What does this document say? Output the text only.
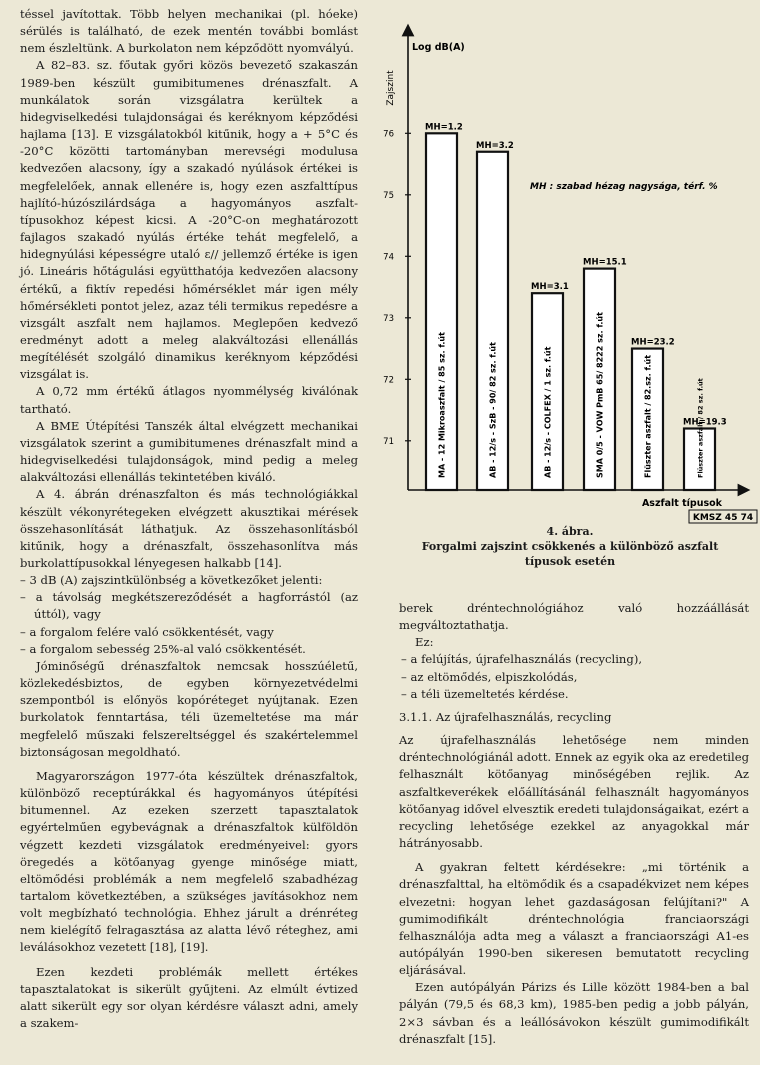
téssel javítottak. Több helyen mechanikai (pl. hóeke) sérülés is található, de ezek mentén további bomlást nem észleltünk. A burkolaton nem képződött nyomvályú.

A 82–83. sz. főutak győri közös bevezető szakaszán 1989-ben készült gumibitumenes drénaszfalt. A munkálatok során vizsgálatra kerültek a hidegviselkedési tulajdonságai és keréknyom képződési hajlama [13]. E vizsgálatokból kitűnik, hogy a + 5°C és -20°C közötti tartományban merevségi modulusa kedvezően alacsony, így a szakadó nyúlások értékei is megfelelőek, annak ellenére is, hogy ezen aszfalttípus hajlító-húzószilárdsága a hagyományos aszfalt-típusokhoz képest kicsi. A -20°C-on meghatározott fajlagos szakadó nyúlás értéke tehát megfelelő, a hidegnyúlási képességre utaló ε// jellemző értéke is igen jó. Lineáris hőtágulási együtthatója kedvezően alacsony értékű, a fiktív repedési hőmérséklet már igen mély hőmérsékleti pontot jelez, azaz téli termikus repedésre a vizsgált aszfalt nem hajlamos. Meglepően kedvező eredményt adott a meleg alakváltozási ellenállás megítélését szolgáló dinamikus keréknyom képződési vizsgálat is.

A 0,72 mm értékű átlagos nyommélység kiválónak tartható.

A BME Útépítési Tanszék által elvégzett mechanikai vizsgálatok szerint a gumibitumenes drénaszfalt mind a hidegviselkedési tulajdonságok, mind pedig a meleg alakváltozási ellenállás tekintetében kiváló.

A 4. ábrán drénaszfalton és más technológiákkal készült vékonyrétegeken elvégzett akusztikai mérések összehasonlítását láthatjuk. Az összehasonlításból kitűnik, hogy a drénaszfalt, összehasonlítva más burkolattípusokkal lényegesen halkabb [14].

– 3 dB (A) zajszintkülönbség a következőket jelenti:
– a távolság megkétszereződését a hagforrástól (az úttól), vagy
– a forgalom felére való csökkentését, vagy
– a forgalom sebesség 25%-al való csökkentését.

Jóminőségű drénaszfaltok nemcsak hosszúéletű, közlekedésbiztos, de egyben környezetvédelmi szempontból is előnyös kopóréteget nyújtanak. Ezen burkolatok fenntartása, téli üzemeltetése ma már megfelelő műszaki felszereltséggel és szakértelemmel biztonságosan megoldható.

Magyarországon 1977-óta készültek drénaszfaltok, különböző receptúrákkal és hagyományos útépítési bitumennel. Az ezeken szerzett tapasztalatok egyértelműen egybevágnak a drénaszfaltok külföldön végzett kezdeti vizsgálatok eredményeivel: gyors öregedés a kötőanyag gyenge minősége miatt, eltömődési problémák a nem megfelelő szabadhézag tartalom következtében, a szükséges javításokhoz nem volt megbízható technológia. Ehhez járult a drénréteg nem kielégítő felragasztása az alatta lévő réteghez, ami leválásokhoz vezetett [18], [19].

Ezen kezdeti problémák mellett értékes tapasztalatokat is sikerült gyűjteni. Az elmúlt évtized alatt sikerült egy sor olyan kérdésre választ adni, amely a szakem-

Zajszint
Log dB(A)
Aszfalt típusok
MH : szabad hézag nagysága, térf. %
KMSZ 45 74
71
72
73
74
75
76
MH=1.2
MA - 12 Mikroaszfalt / 85 sz. f.út
MH=3.2
AB - 12/s - SzB - 90/ 82 sz. f.út
MH=3.1
AB - 12/s - COLFEX / 1 sz. f.út
MH=15.1
SMA 0/5 - VOW PmB 65/ 8222 sz. f.út	MH=23.2
Flüszter aszfalt / 82.sz. f.út	MH=19.3
Flüszter aszfalt / 82 sz. f.út
4. ábra.
Forgalmi zajszint csökkenés a különböző aszfalt
típusok esetén

berek dréntechnológiához való hozzáállását megváltoztathatja.

Ez:

– a felújítás, újrafelhasználás (recycling),
– az eltömődés, elpiszkolódás,
– a téli üzemeltetés kérdése.

3.1.1. Az újrafelhasználás, recycling

Az újrafelhasználás lehetősége nem minden dréntechnológiánál adott. Ennek az egyik oka az eredetileg felhasznált kötőanyag minőségében rejlik. Az aszfaltkeverékek előállításánál felhasznált hagyományos kötőanyag idővel elvesztik eredeti tulajdonságaikat, ezért a recycling lehetősége ezekkel az anyagokkal már hátrányosabb.

A gyakran feltett kérdésekre: „mi történik a drénaszfalttal, ha eltömődik és a csapadékvizet nem képes elvezetni: hogyan lehet gazdaságosan felújítani?" A gumimodifikált dréntechnológia franciaországi felhasználója adta meg a választ a franciaországi A1-es autópályán 1990-ben sikeresen bemutatott recycling eljárásával.

Ezen autópályán Párizs és Lille között 1984-ben a bal pályán (79,5 és 68,3 km), 1985-ben pedig a jobb pályán, 2×3 sávban és a leállósávokon készült gumimodifikált drénaszfalt [15].
